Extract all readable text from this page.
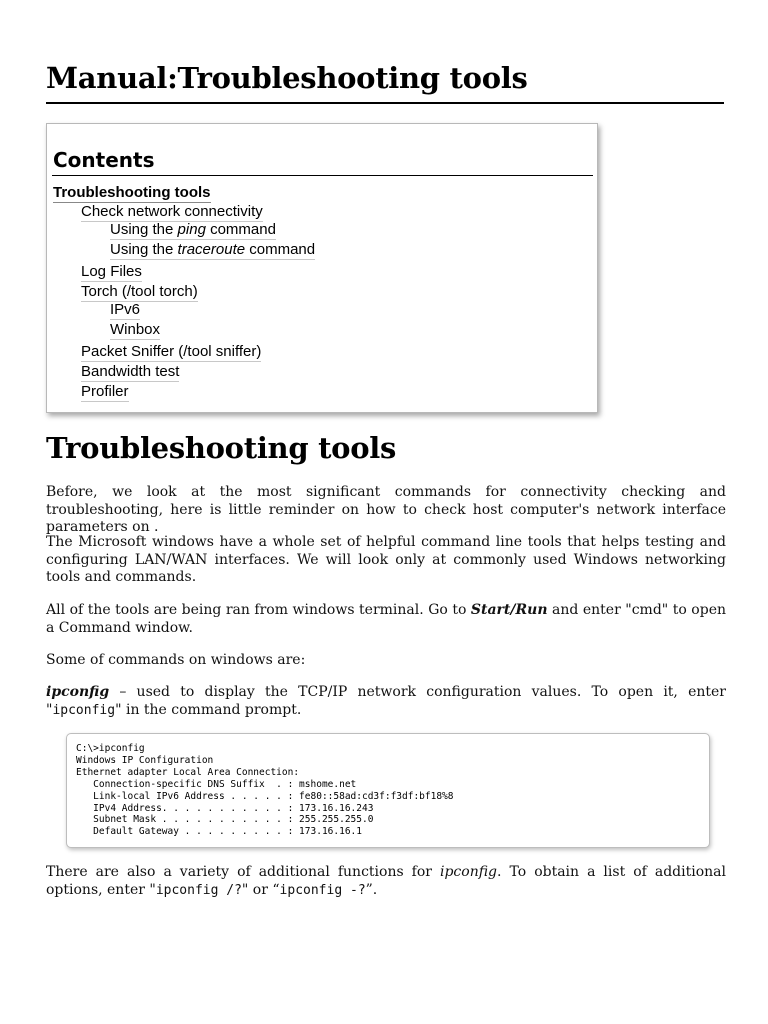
Manual:Troubleshooting tools
Contents
Troubleshooting tools
Check network connectivity
Using the ping command
Using the traceroute command
Log Files
Torch (/tool torch)
IPv6
Winbox
Packet Sniffer (/tool sniffer)
Bandwidth test
Profiler
Troubleshooting tools

Before, we look at the most significant commands for connectivity checking and troubleshooting, here is little reminder on how to check host computer's network interface parameters on .

The Microsoft windows have a whole set of helpful command line tools that helps testing and configuring LAN/WAN interfaces. We will look only at commonly used Windows networking tools and commands.

All of the tools are being ran from windows terminal. Go to Start/Run and enter "cmd" to open a Command window.

Some of commands on windows are:

ipconfig – used to display the TCP/IP network configuration values. To open it, enter "ipconfig" in the command prompt.

C:\>ipconfig
Windows IP Configuration
Ethernet adapter Local Area Connection:
Connection-specific DNS Suffix  . : mshome.net
Link-local IPv6 Address . . . . . : fe80::58ad:cd3f:f3df:bf18%8
IPv4 Address. . . . . . . . . . . : 173.16.16.243
Subnet Mask . . . . . . . . . . . : 255.255.255.0
Default Gateway . . . . . . . . . : 173.16.16.1

There are also a variety of additional functions for ipconfig. To obtain a list of additional options, enter "ipconfig /?" or “ipconfig -?”.
